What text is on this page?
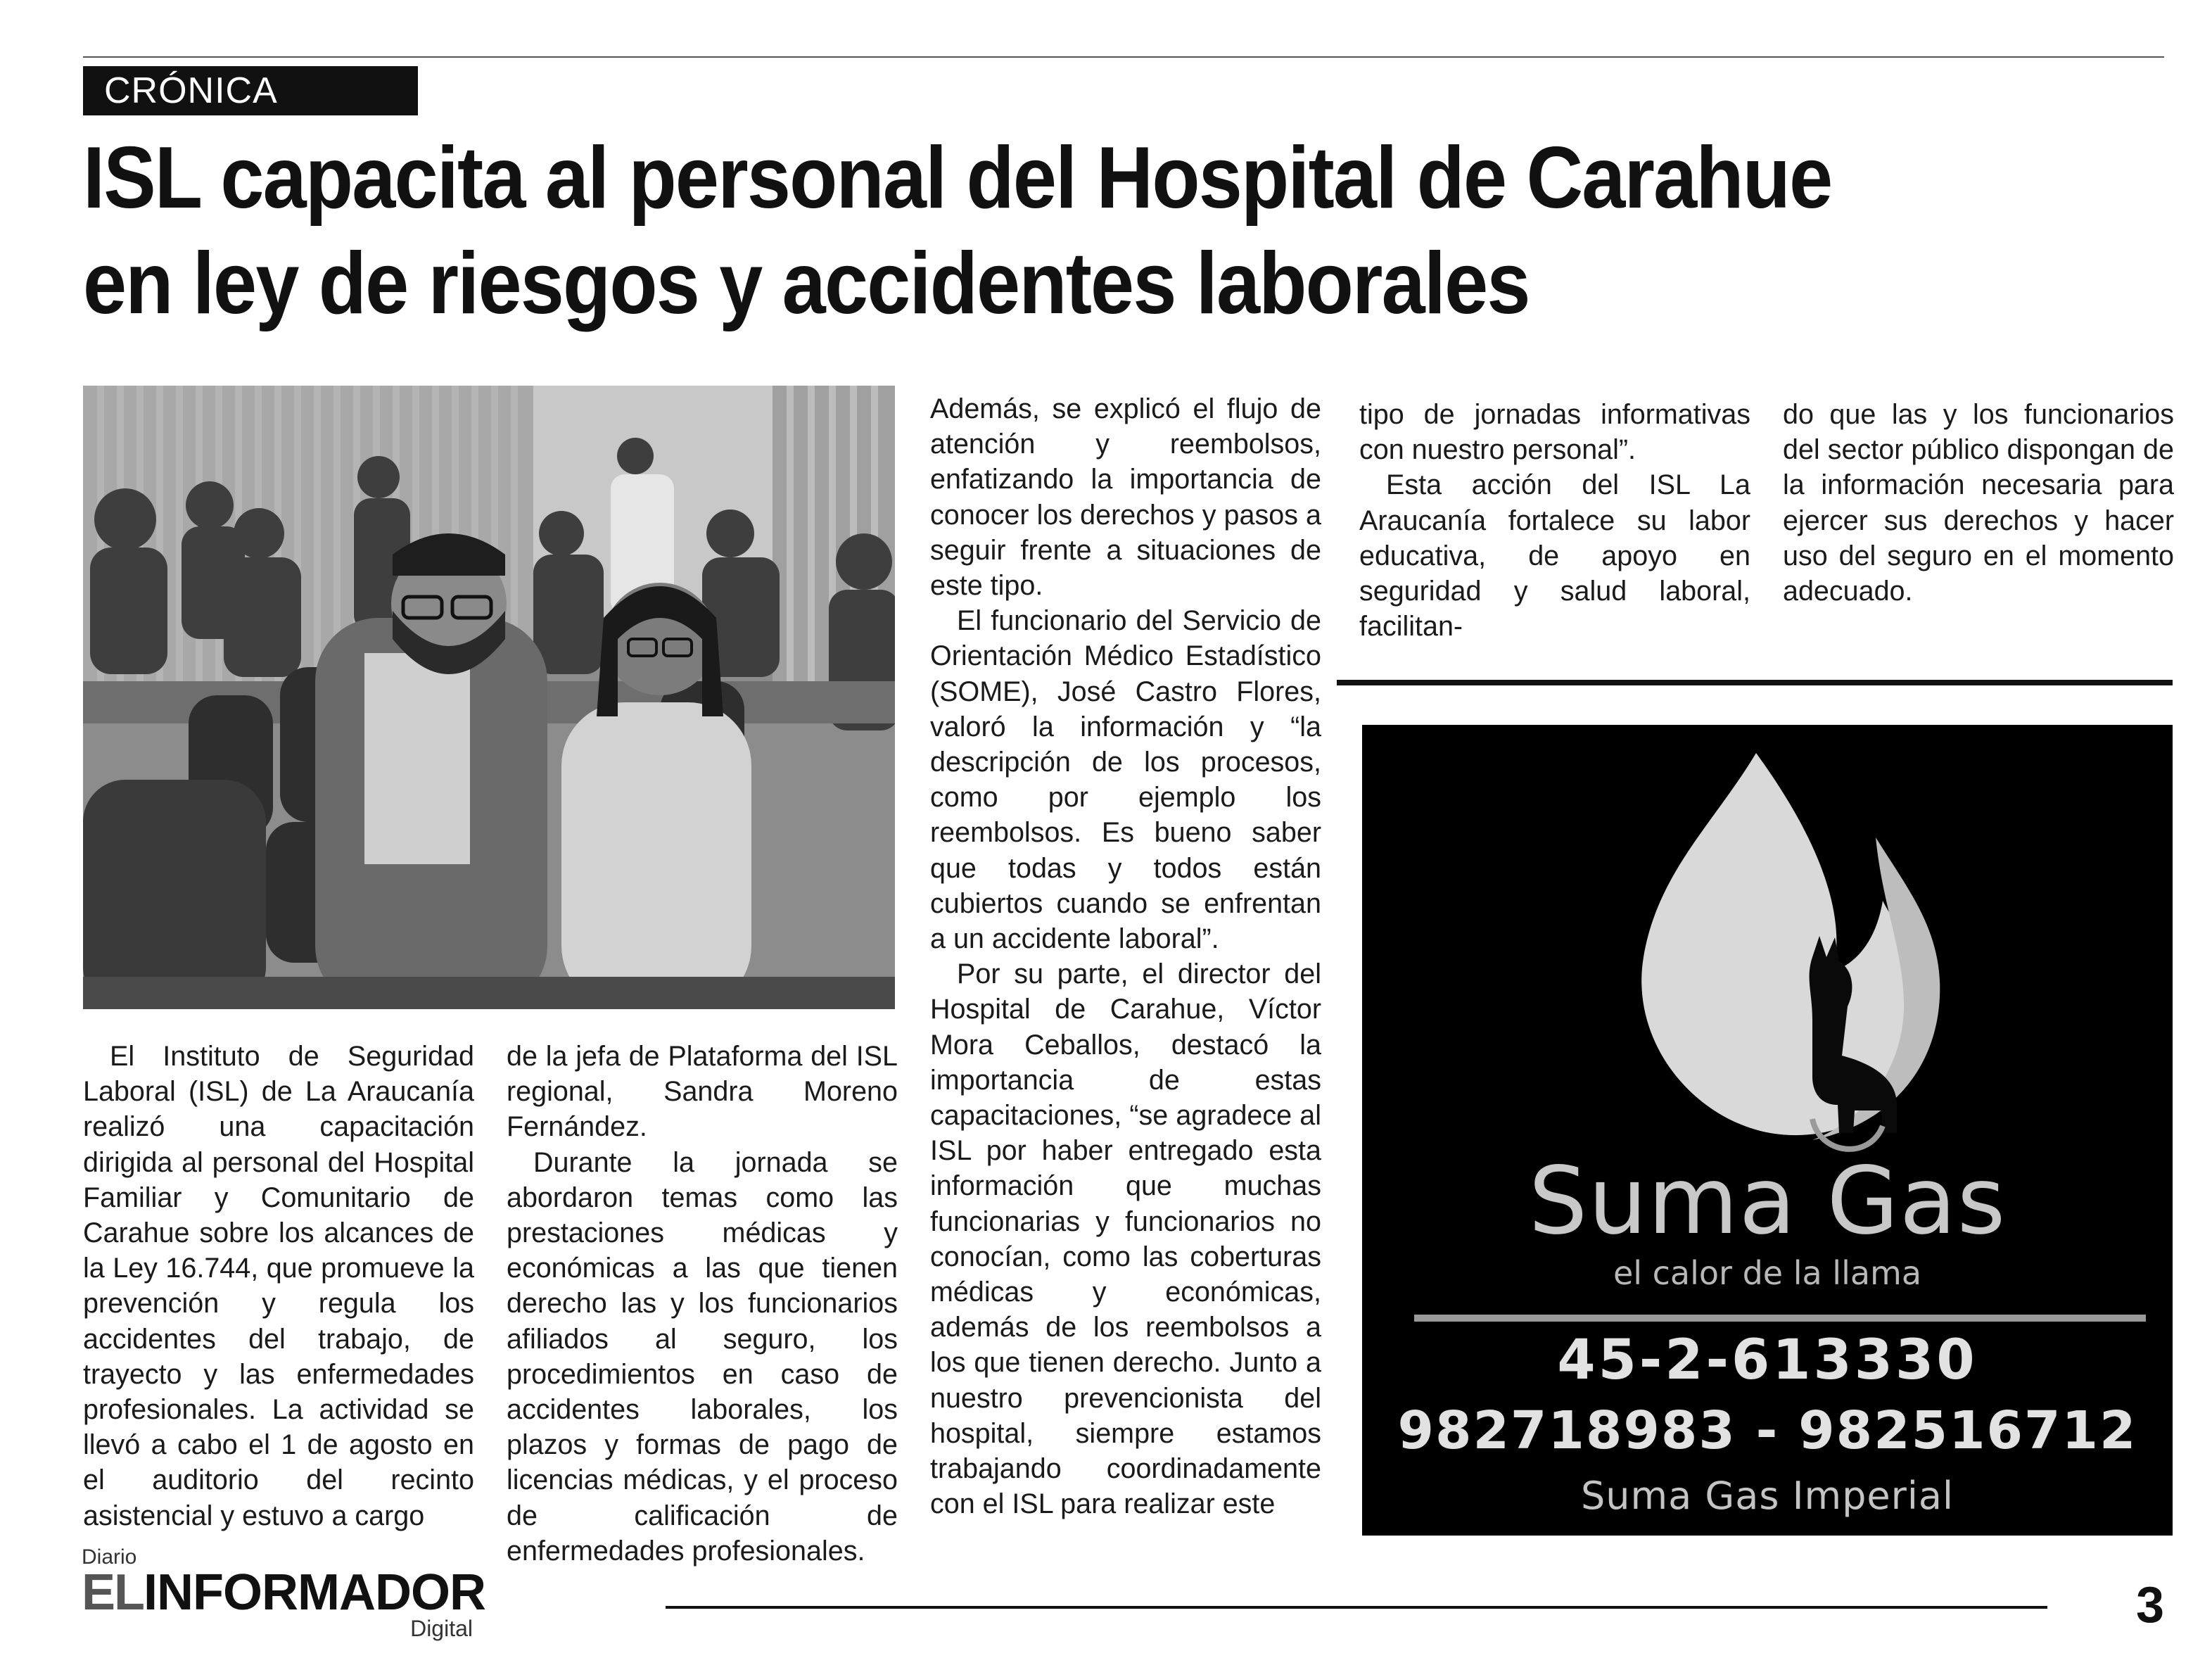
CRÓNICA
ISL capacita al personal del Hospital de Carahue
en ley de riesgos y accidentes laborales

El Instituto de Seguridad Laboral (ISL) de La Araucanía realizó una capacitación dirigida al personal del Hospital Familiar y Comunitario de Carahue sobre los alcances de la Ley 16.744, que promueve la prevención y regula los accidentes del trabajo, de trayecto y las enfermedades profesionales. La actividad se llevó a cabo el 1 de agosto en el auditorio del recinto asistencial y estuvo a cargo

de la jefa de Plataforma del ISL regional, Sandra Moreno Fernández.

Durante la jornada se abordaron temas como las prestaciones médicas y económicas a las que tienen derecho las y los funcionarios afiliados al seguro, los procedimientos en caso de accidentes laborales, los plazos y formas de pago de licencias médicas, y el proceso de calificación de enfermedades profesionales.

Además, se explicó el flujo de atención y reembolsos, enfatizando la importancia de conocer los derechos y pasos a seguir frente a situaciones de este tipo.

El funcionario del Servicio de Orientación Médico Estadístico (SOME), José Castro Flores, valoró la información y “la descripción de los procesos, como por ejemplo los reembolsos. Es bueno saber que todas y todos están cubiertos cuando se enfrentan a un accidente laboral”.

Por su parte, el director del Hospital de Carahue, Víctor Mora Ceballos, destacó la importancia de estas capacitaciones, “se agradece al ISL por haber entregado esta información que muchas funcionarias y funcionarios no conocían, como las coberturas médicas y económicas, además de los reembolsos a los que tienen derecho. Junto a nuestro prevencionista del hospital, siempre estamos trabajando coordinadamente con el ISL para realizar este

tipo de jornadas informativas con nuestro personal”.

Esta acción del ISL La Araucanía fortalece su labor educativa, de apoyo en seguridad y salud laboral, facilitan-

do que las y los funcionarios del sector público dispongan de la información necesaria para ejercer sus derechos y hacer uso del seguro en el momento adecuado.

Suma Gas
el calor de la llama
45-2-613330
982718983 - 982516712
Suma Gas Imperial
Diario
EL INFORMADOR
Digital	3
